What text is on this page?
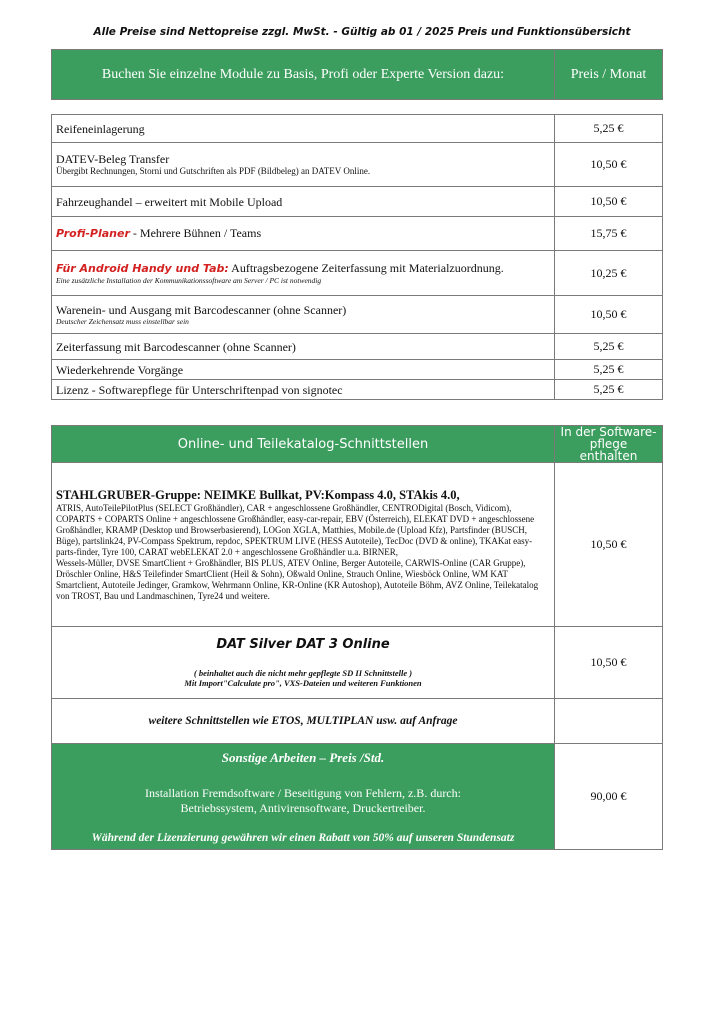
Alle Preise sind Nettopreise zzgl. MwSt. - Gültig ab 01 / 2025 Preis und Funktionsübersicht
Buchen Sie einzelne Module zu Basis, Profi oder Experte Version dazu:	Preis / Monat
Reifeneinlagerung	5,25 €
DATEV-Beleg Transfer
Übergibt Rechnungen, Storni und Gutschriften als PDF (Bildbeleg) an DATEV Online.	10,50 €
Fahrzeughandel – erweitert mit Mobile Upload	10,50 €
Profi-Planer - Mehrere Bühnen / Teams	15,75 €
Für Android Handy und Tab: Auftragsbezogene Zeiterfassung mit Materialzuordnung.
Eine zusätzliche Installation der Kommunikationssoftware am Server / PC ist notwendig	10,25 €
Warenein- und Ausgang mit Barcodescanner (ohne Scanner)
Deutscher Zeichensatz muss einstellbar sein	10,50 €
Zeiterfassung mit Barcodescanner (ohne Scanner)	5,25 €
Wiederkehrende Vorgänge	5,25 €
Lizenz - Softwarepflege für Unterschriftenpad von signotec	5,25 €
Online- und Teilekatalog-Schnittstellen	In der Software-pflege enthalten

STAHLGRUBER-Gruppe: NEIMKE Bullkat, PV:Kompass 4.0, STAkis 4.0,
ATRIS, AutoTeilePilotPlus (SELECT Großhändler), CAR + angeschlossene Großhändler, CENTRODigital (Bosch, Vidicom), COPARTS + COPARTS Online + angeschlossene Großhändler, easy-car-repair, EBV (Österreich), ELEKAT DVD + angeschlossene Großhändler, KRAMP (Desktop und Browserbasierend), LOGon XGLA, Matthies, Mobile.de (Upload Kfz), Partsfinder (BUSCH, Büge), partslink24, PV-Compass Spektrum, repdoc, SPEKTRUM LIVE (HESS Autoteile), TecDoc (DVD & online), TKAKat easy-parts-finder, Tyre 100, CARAT webELEKAT 2.0 + angeschlossene Großhändler u.a. BIRNER,
Wessels-Müller, DVSE SmartClient + Großhändler, BIS PLUS, ATEV Online, Berger Autoteile, CARWIS-Online (CAR Gruppe), Dröschler Online, H&S Teilefinder SmartClient (Heil & Sohn), Oßwald Online, Strauch Online, Wiesböck Online, WM KAT Smartclient, Autoteile Jedinger, Gramkow, Wehrmann Online, KR-Online (KR Autoshop), Autoteile Böhm, AVZ Online, Teilekatalog von TROST, Bau und Landmaschinen, Tyre24 und weitere.	10,50 €

DAT Silver DAT 3 Online
( beinhaltet auch die nicht mehr gepflegte SD II Schnittstelle )
Mit Import"Calculate pro", VXS-Dateien und weiteren Funktionen	10,50 €
weitere Schnittstellen wie ETOS, MULTIPLAN usw. auf Anfrage	

Sonstige Arbeiten – Preis /Std.
Installation Fremdsoftware / Beseitigung von Fehlern, z.B. durch:
Betriebssystem, Antivirensoftware, Druckertreiber.
Während der Lizenzierung gewähren wir einen Rabatt von 50% auf unseren Stundensatz	90,00 €
